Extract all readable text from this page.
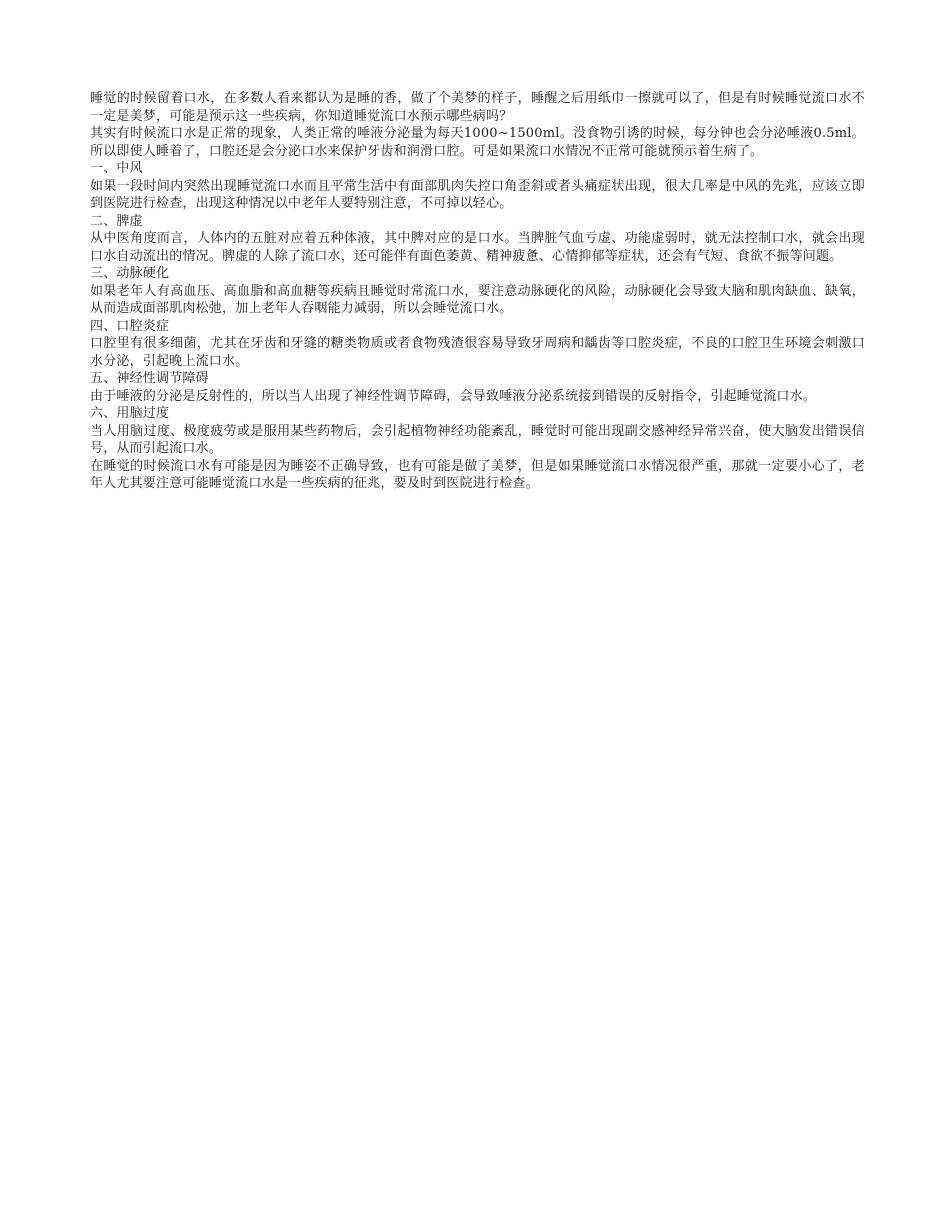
睡觉的时候留着口水，在多数人看来都认为是睡的香，做了个美梦的样子，睡醒之后用纸巾一擦就可以了，但是有时候睡觉流口水不一定是美梦，可能是预示这一些疾病，你知道睡觉流口水预示哪些病吗？

其实有时候流口水是正常的现象，人类正常的唾液分泌量为每天1000~1500ml。没食物引诱的时候，每分钟也会分泌唾液0.5ml。所以即使人睡着了，口腔还是会分泌口水来保护牙齿和润滑口腔。可是如果流口水情况不正常可能就预示着生病了。

一、中风

如果一段时间内突然出现睡觉流口水而且平常生活中有面部肌肉失控口角歪斜或者头痛症状出现，很大几率是中风的先兆，应该立即到医院进行检查，出现这种情况以中老年人要特别注意，不可掉以轻心。

二、脾虚

从中医角度而言，人体内的五脏对应着五种体液，其中脾对应的是口水。当脾脏气血亏虚、功能虚弱时，就无法控制口水，就会出现口水自动流出的情况。脾虚的人除了流口水，还可能伴有面色萎黄、精神疲惫、心情抑郁等症状，还会有气短、食欲不振等问题。

三、动脉硬化

如果老年人有高血压、高血脂和高血糖等疾病且睡觉时常流口水，要注意动脉硬化的风险，动脉硬化会导致大脑和肌肉缺血、缺氧，从而造成面部肌肉松弛，加上老年人吞咽能力减弱，所以会睡觉流口水。

四、口腔炎症

口腔里有很多细菌，尤其在牙齿和牙缝的糖类物质或者食物残渣很容易导致牙周病和龋齿等口腔炎症，不良的口腔卫生环境会刺激口水分泌，引起晚上流口水。

五、神经性调节障碍

由于唾液的分泌是反射性的，所以当人出现了神经性调节障碍，会导致唾液分泌系统接到错误的反射指令，引起睡觉流口水。

六、用脑过度

当人用脑过度、极度疲劳或是服用某些药物后，会引起植物神经功能紊乱，睡觉时可能出现副交感神经异常兴奋，使大脑发出错误信号，从而引起流口水。

在睡觉的时候流口水有可能是因为睡姿不正确导致，也有可能是做了美梦，但是如果睡觉流口水情况很严重，那就一定要小心了，老年人尤其要注意可能睡觉流口水是一些疾病的征兆，要及时到医院进行检查。
